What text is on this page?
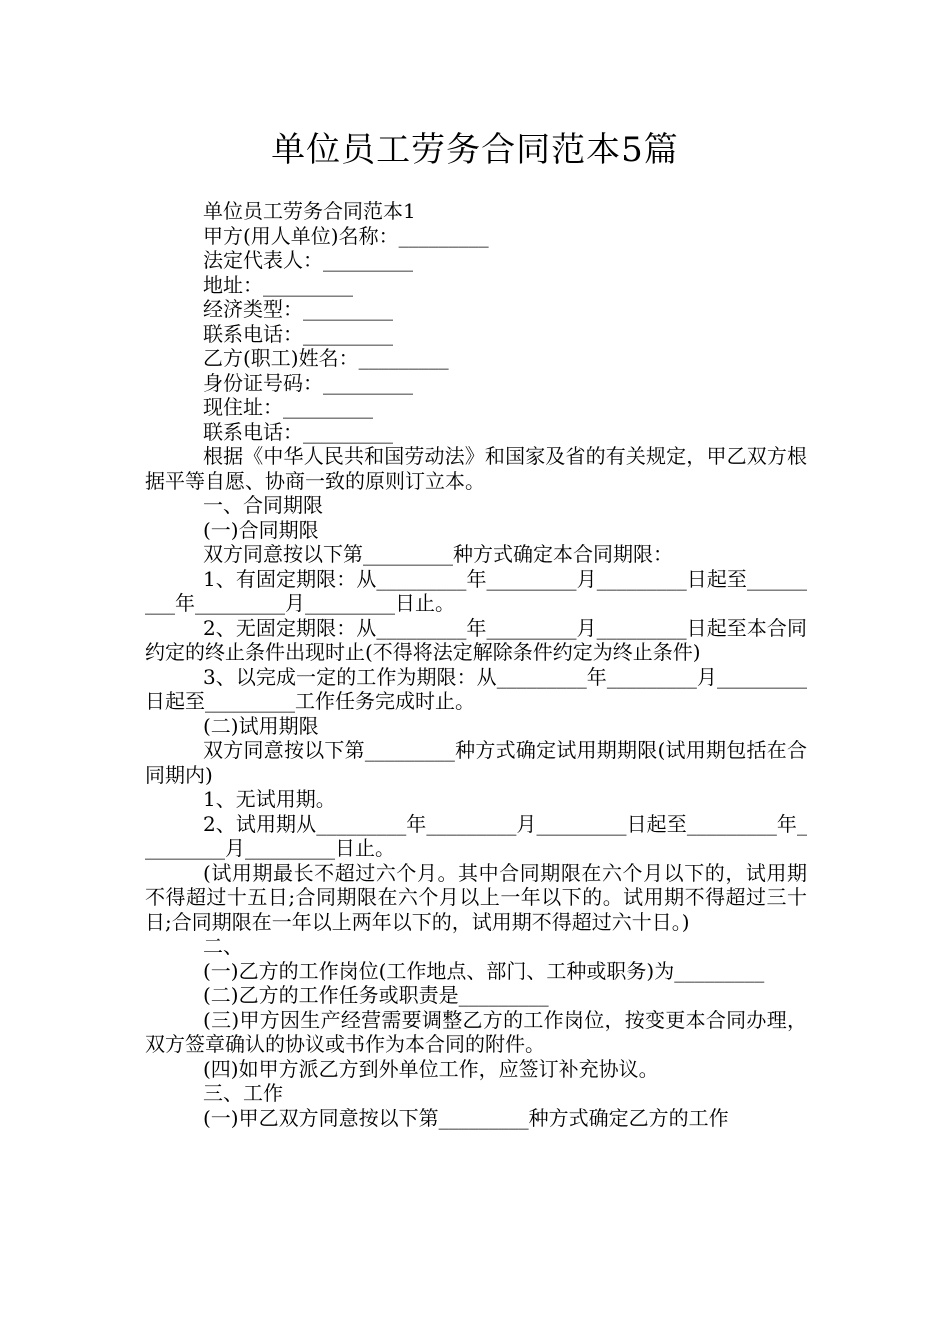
单位员工劳务合同范本5篇

单位员工劳务合同范本1

甲方(用人单位)名称：_________

法定代表人：_________

地址：_________

经济类型：_________

联系电话：_________

乙方(职工)姓名：_________

身份证号码：_________

现住址：_________

联系电话：_________

根据《中华人民共和国劳动法》和国家及省的有关规定，甲乙双方根据平等自愿、协商一致的原则订立本。

一、合同期限

(一)合同期限

双方同意按以下第_________种方式确定本合同期限：

1、有固定期限：从_________年_________月_________日起至_________年_________月_________日止。

2、无固定期限：从_________年_________月_________日起至本合同约定的终止条件出现时止(不得将法定解除条件约定为终止条件)

3、以完成一定的工作为期限：从_________年_________月_________日起至_________工作任务完成时止。

(二)试用期限

双方同意按以下第_________种方式确定试用期期限(试用期包括在合同期内)

1、无试用期。

2、试用期从_________年_________月_________日起至_________年_________月_________日止。

(试用期最长不超过六个月。其中合同期限在六个月以下的，试用期不得超过十五日;合同期限在六个月以上一年以下的。试用期不得超过三十日;合同期限在一年以上两年以下的，试用期不得超过六十日。)

二、

(一)乙方的工作岗位(工作地点、部门、工种或职务)为_________

(二)乙方的工作任务或职责是_________

(三)甲方因生产经营需要调整乙方的工作岗位，按变更本合同办理，双方签章确认的协议或书作为本合同的附件。

(四)如甲方派乙方到外单位工作，应签订补充协议。

三、工作

(一)甲乙双方同意按以下第_________种方式确定乙方的工作
